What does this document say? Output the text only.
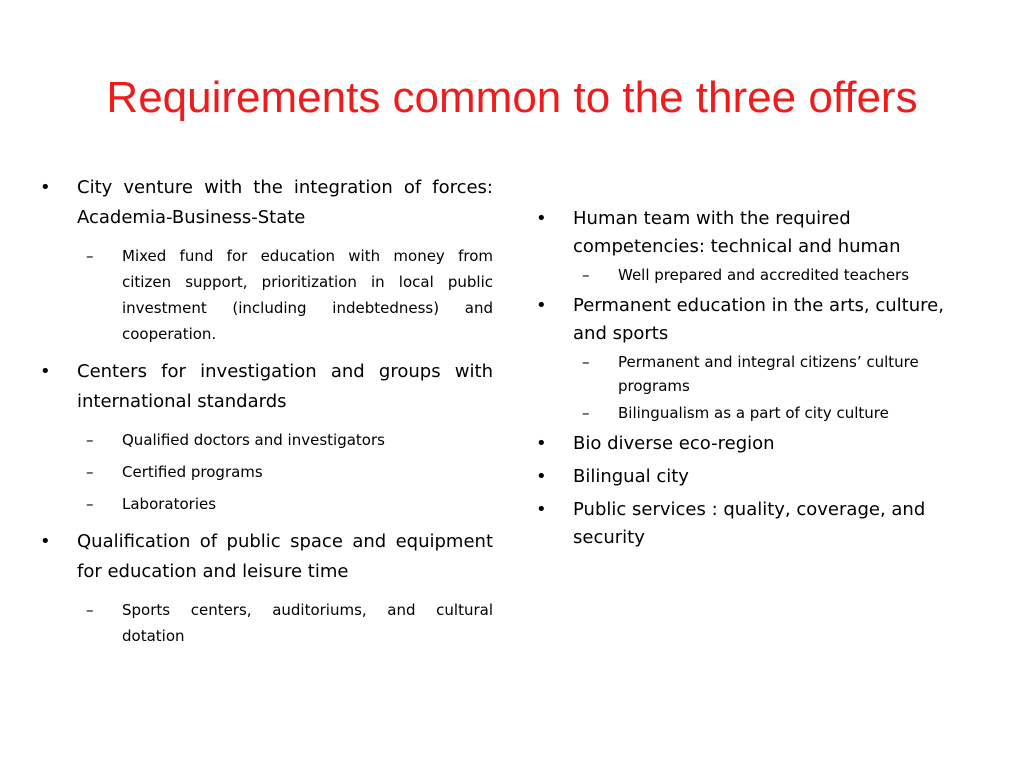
Requirements common to the three offers
•	City venture with the integration of forces: Academia-Business-State
– Mixed fund for education with money from citizen support, prioritization in local public investment (including indebtedness) and cooperation.
•	Centers for investigation and groups with international standards
– Qualified doctors and investigators
– Certified programs
– Laboratories
•	Qualification of public space and equipment for education and leisure time
– Sports centers, auditoriums, and cultural dotation
•	Human team with the required competencies: technical and human
– Well prepared and accredited teachers
•	Permanent education in the arts, culture, and sports
– Permanent and integral citizens’ culture programs
– Bilingualism as a part of city culture
•	Bio diverse eco-region
•	Bilingual city
•	Public services : quality, coverage, and security
